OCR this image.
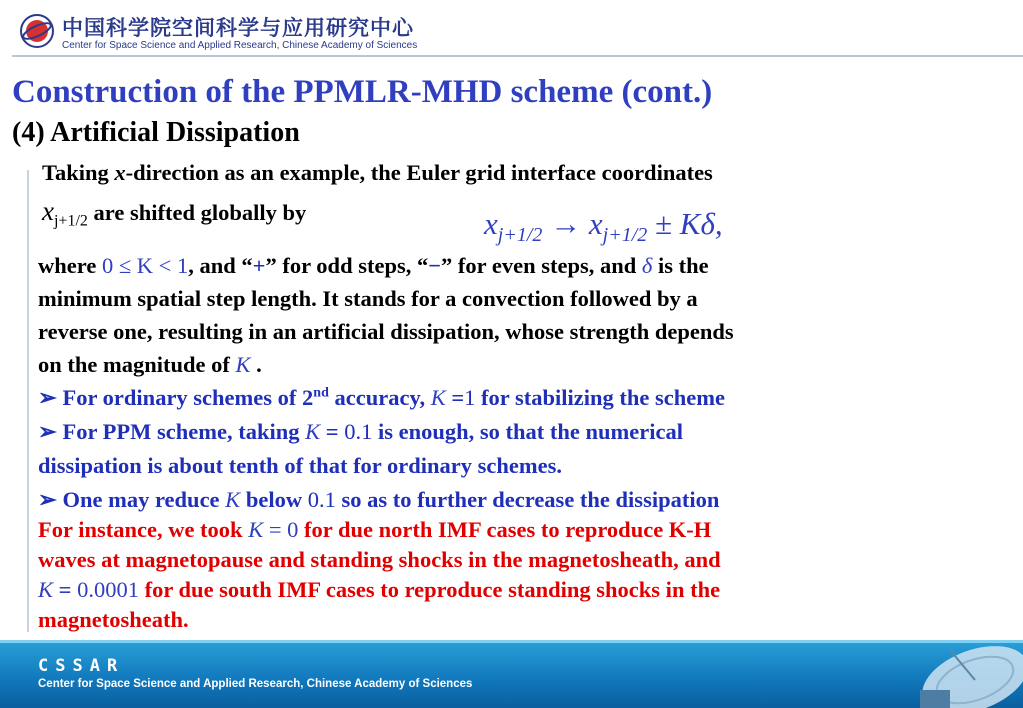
中国科学院空间科学与应用研究中心
Center for Space Science and Applied Research, Chinese Academy of Sciences
Construction of the PPMLR-MHD scheme (cont.)
(4) Artificial Dissipation
Taking x-direction as an example, the Euler grid interface coordinates
$x_{j+1/2}$ are shifted globally by	$x_{j+1/2} \to x_{j+1/2} \pm K\delta$,
where 0 ≤ K < 1, and “+” for odd steps, “−” for even steps, and δ is the
minimum spatial step length. It stands for a convection followed by a
reverse one, resulting in an artificial dissipation, whose strength depends
on the magnitude of K .
➢ For ordinary schemes of 2nd accuracy, K =1 for stabilizing the scheme
➢ For PPM scheme, taking K = 0.1 is enough, so that the numerical
dissipation is about tenth of that for ordinary schemes.
➢ One may reduce K below 0.1 so as to further decrease the dissipation
For instance, we took K = 0 for due north IMF cases to reproduce K-H
waves at magnetopause and standing shocks in the magnetosheath, and
K = 0.0001 for due south IMF cases to reproduce standing shocks in the
magnetosheath.
CSSAR
Center for Space Science and Applied Research, Chinese Academy of Sciences
